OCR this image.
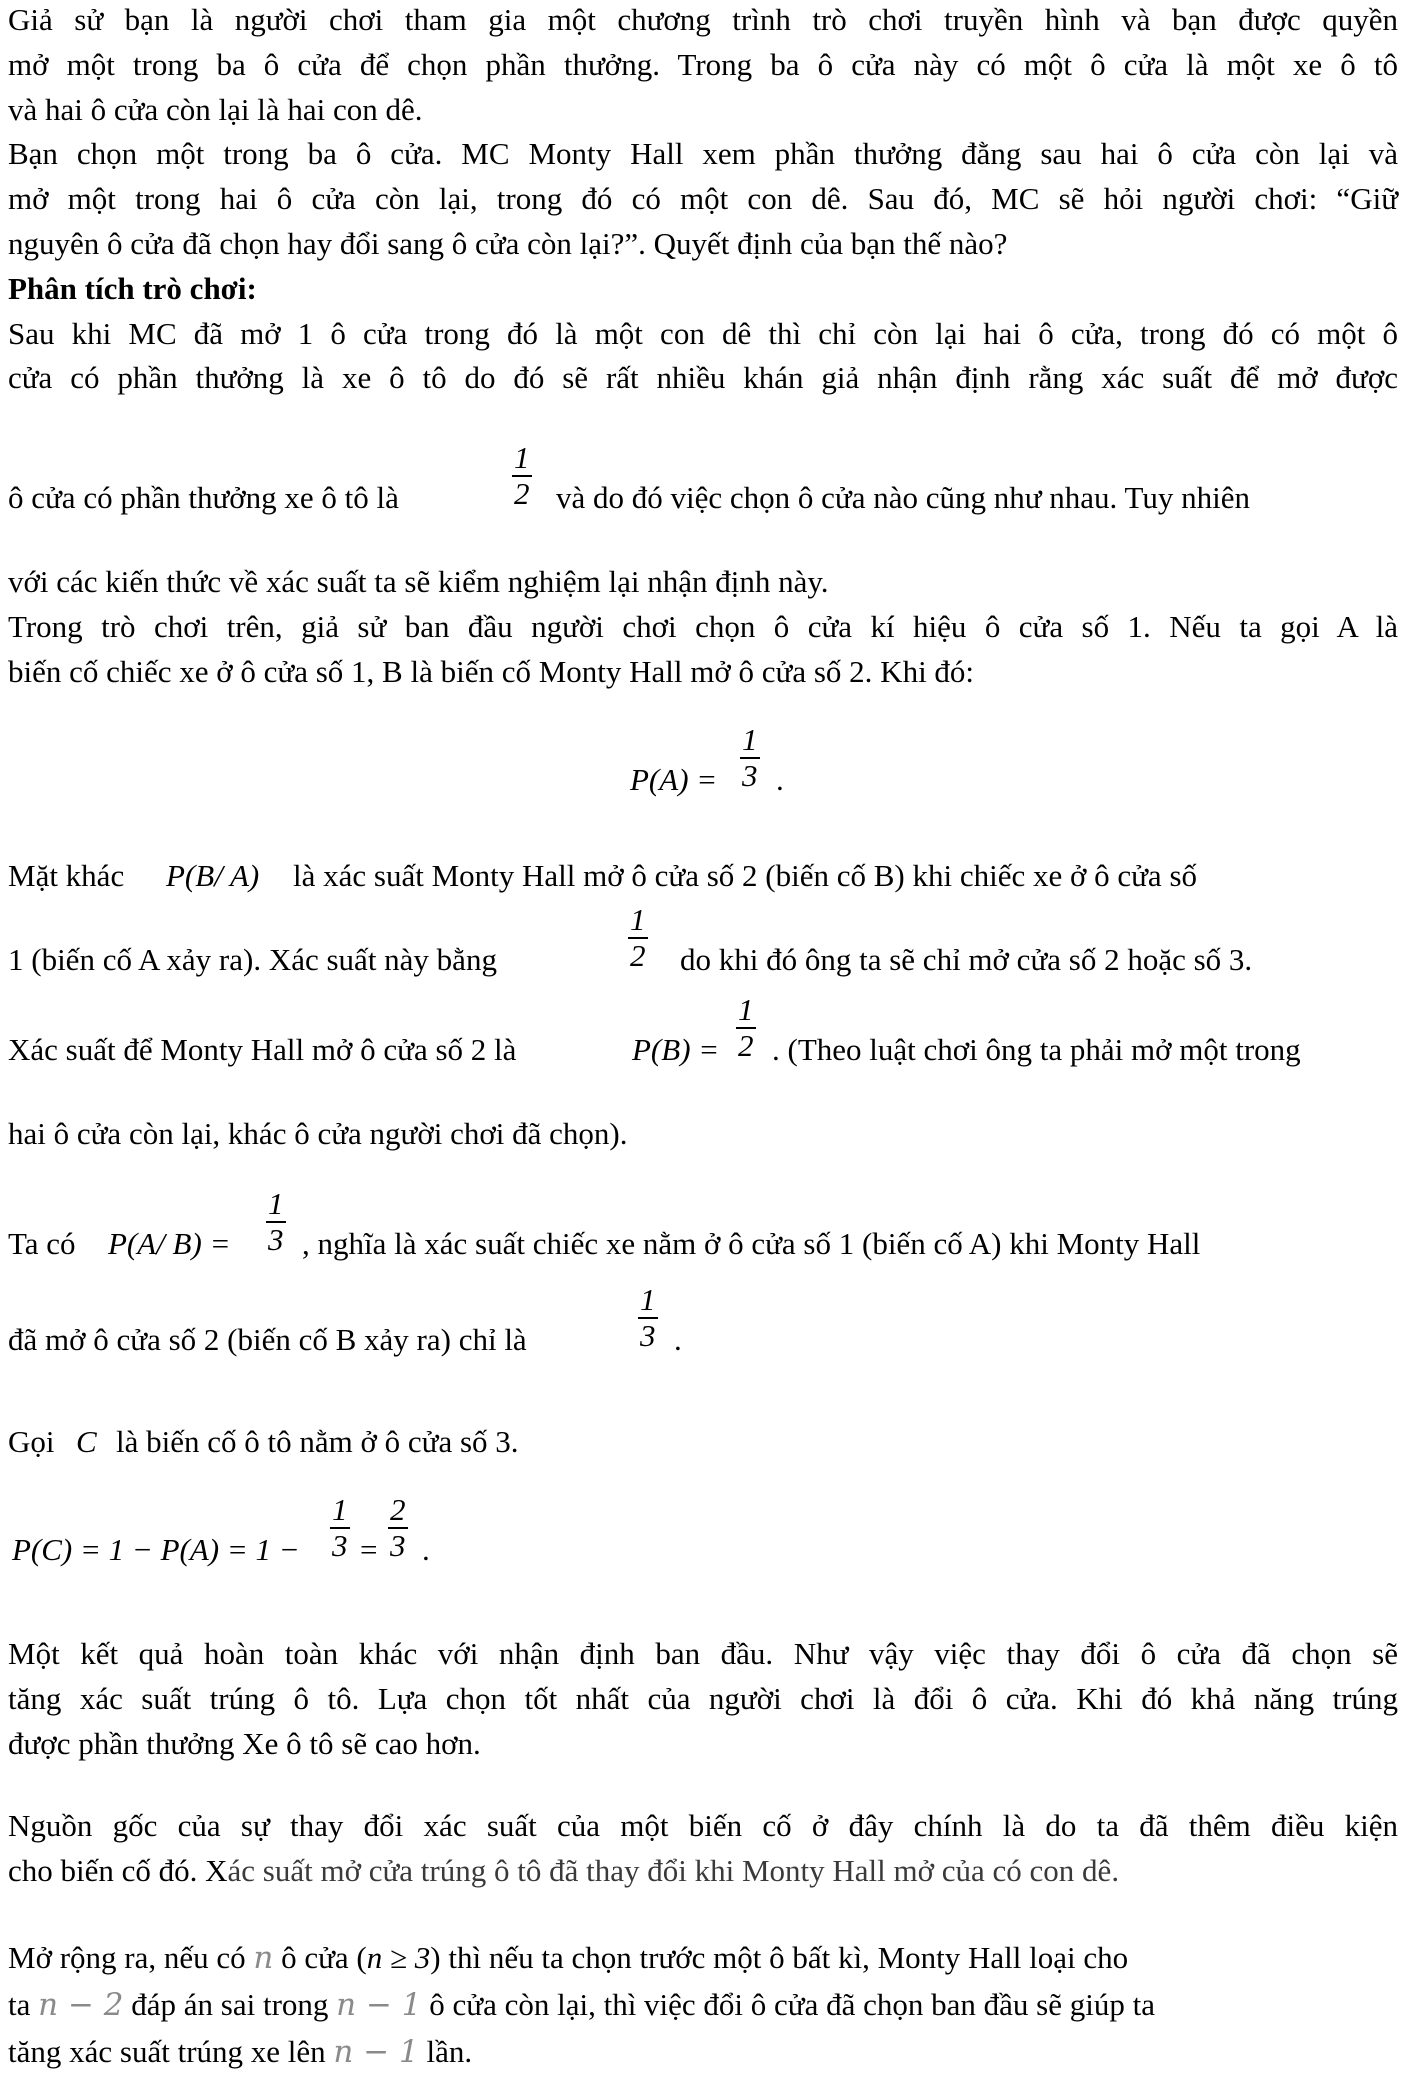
Giả sử bạn là người chơi tham gia một chương trình trò chơi truyền hình và bạn được quyền
mở một trong ba ô cửa để chọn phần thưởng. Trong ba ô cửa này có một ô cửa là một xe ô tô
và hai ô cửa còn lại là hai con dê.
Bạn chọn một trong ba ô cửa. MC Monty Hall xem phần thưởng đằng sau hai ô cửa còn lại và
mở một trong hai ô cửa còn lại, trong đó có một con dê. Sau đó, MC sẽ hỏi người chơi: “Giữ
nguyên ô cửa đã chọn hay đổi sang ô cửa còn lại?”. Quyết định của bạn thế nào?
Phân tích trò chơi:
Sau khi MC đã mở 1 ô cửa trong đó là một con dê thì chỉ còn lại hai ô cửa, trong đó có một ô
cửa có phần thưởng là xe ô tô do đó sẽ rất nhiều khán giả nhận định rằng xác suất để mở được
ô cửa có phần thưởng xe ô tô là	$\frac{1}{2}$ và do đó việc chọn ô cửa nào cũng như nhau. Tuy nhiên
với các kiến thức về xác suất ta sẽ kiểm nghiệm lại nhận định này.
Trong trò chơi trên, giả sử ban đầu người chơi chọn ô cửa kí hiệu ô cửa số 1. Nếu ta gọi A là
biến cố chiếc xe ở ô cửa số 1, B là biến cố Monty Hall mở ô cửa số 2. Khi đó:
$P(A) = \frac{1}{3}$ .
Mặt khác P(B/ A) là xác suất Monty Hall mở ô cửa số 2 (biến cố B) khi chiếc xe ở ô cửa số
1 (biến cố A xảy ra). Xác suất này bằng	$\frac{1}{2}$ do khi đó ông ta sẽ chỉ mở cửa số 2 hoặc số 3.
Xác suất để Monty Hall mở ô cửa số 2 là	$P(B) = \frac{1}{2}$ . (Theo luật chơi ông ta phải mở một trong
hai ô cửa còn lại, khác ô cửa người chơi đã chọn).
Ta có P(A/ $B) = \frac{1}{3}$ , nghĩa là xác suất chiếc xe nằm ở ô cửa số 1 (biến cố A) khi Monty Hall
đã mở ô cửa số 2 (biến cố B xảy ra) chỉ là	$\frac{1}{3}$ .
Gọi C là biến cố ô tô nằm ở ô cửa số 3.
$P(C) = 1 - P(A) = 1 - \frac{1}{3} = \frac{2}{3}$ .
Một kết quả hoàn toàn khác với nhận định ban đầu. Như vậy việc thay đổi ô cửa đã chọn sẽ
tăng xác suất trúng ô tô. Lựa chọn tốt nhất của người chơi là đổi ô cửa. Khi đó khả năng trúng
được phần thưởng Xe ô tô sẽ cao hơn.
Nguồn gốc của sự thay đổi xác suất của một biến cố ở đây chính là do ta đã thêm điều kiện
cho biến cố đó. Xác suất mở cửa trúng ô tô đã thay đổi khi Monty Hall mở của có con dê.
Mở rộng ra, nếu có n ô cửa (n ≥ 3) thì nếu ta chọn trước một ô bất kì, Monty Hall loại cho
ta n − 2 đáp án sai trong n − 1 ô cửa còn lại, thì việc đổi ô cửa đã chọn ban đầu sẽ giúp ta
tăng xác suất trúng xe lên n − 1 lần.
